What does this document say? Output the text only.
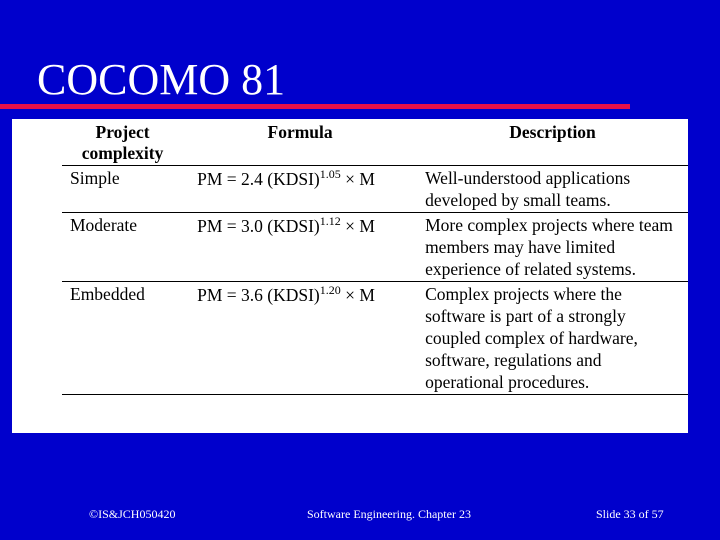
COCOMO 81
Project complexity	Formula	Description
Simple	PM = 2.4 (KDSI)$^{1.05}$ × M	Well-understood applications developed by small teams.
Moderate	PM = 3.0 (KDSI)$^{1.12}$ × M	More complex projects where team members may have limited experience of related systems.
Embedded	PM = 3.6 (KDSI)$^{1.20}$ × M	Complex projects where the software is part of a strongly coupled complex of hardware, software, regulations and operational procedures.
©IS&JCH050420	Software Engineering. Chapter 23	Slide 33 of 57
